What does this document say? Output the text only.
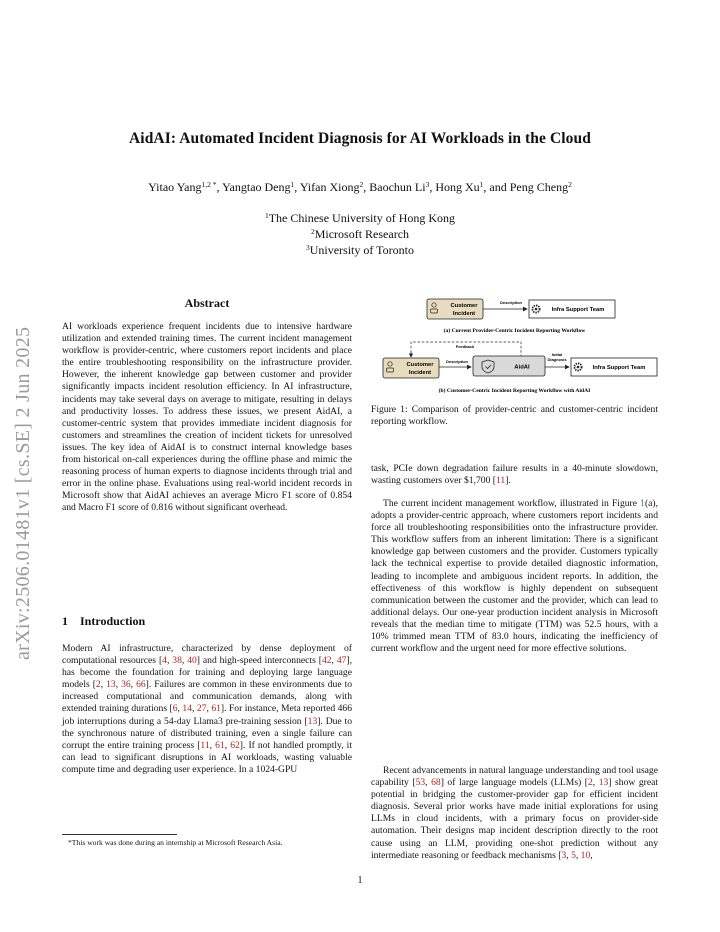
arXiv:2506.01481v1 [cs.SE] 2 Jun 2025
AidAI: Automated Incident Diagnosis for AI Workloads in the Cloud
Yitao Yang$^{1,2 *}$, Yangtao Deng$^1$, Yifan Xiong$^2$, Baochun Li$^3$, Hong Xu$^1$, and Peng Cheng$^2$
$^1$The Chinese University of Hong Kong
$^2$Microsoft Research
$^3$University of Toronto
Abstract
AI workloads experience frequent incidents due to intensive hardware utilization and extended training times. The current incident management workflow is provider-centric, where customers report incidents and place the entire troubleshooting responsibility on the infrastructure provider. However, the inherent knowledge gap between customer and provider significantly impacts incident resolution efficiency. In AI infrastructure, incidents may take several days on average to mitigate, resulting in delays and productivity losses. To address these issues, we present AidAI, a customer-centric system that provides immediate incident diagnosis for customers and streamlines the creation of incident tickets for unresolved issues. The key idea of AidAI is to construct internal knowledge bases from historical on-call experiences during the offline phase and mimic the reasoning process of human experts to diagnose incidents through trial and error in the online phase. Evaluations using real-world incident records in Microsoft show that AidAI achieves an average Micro F1 score of 0.854 and Macro F1 score of 0.816 without significant overhead.
1 Introduction
Modern AI infrastructure, characterized by dense deployment of computational resources [4, 38, 40] and high-speed interconnects [42, 47], has become the foundation for training and deploying large language models [2, 13, 36, 66]. Failures are common in these environments due to increased computational and communication demands, along with extended training durations [6, 14, 27, 61]. For instance, Meta reported 466 job interruptions during a 54-day Llama3 pre-training session [13]. Due to the synchronous nature of distributed training, even a single failure can corrupt the entire training process [11, 61, 62]. If not handled promptly, it can lead to significant disruptions in AI workloads, wasting valuable compute time and degrading user experience. In a 1024-GPU
*This work was done during an internship at Microsoft Research Asia.
1
Customer
Incident
Description
Infra Support Team
(a) Current Provider-Centric Incident Reporting Workflow
Feedback
Customer
Incident
Description
AidAI
Initial
Diagnosis
Infra Support Team
(b) Customer-Centric Incident Reporting Workflow with AidAI
Figure 1: Comparison of provider-centric and customer-centric incident reporting workflow.
task, PCIe down degradation failure results in a 40-minute slowdown, wasting customers over $1,700 [11].
The current incident management workflow, illustrated in Figure 1(a), adopts a provider-centric approach, where customers report incidents and force all troubleshooting responsibilities onto the infrastructure provider. This workflow suffers from an inherent limitation: There is a significant knowledge gap between customers and the provider. Customers typically lack the technical expertise to provide detailed diagnostic information, leading to incomplete and ambiguous incident reports. In addition, the effectiveness of this workflow is highly dependent on subsequent communication between the customer and the provider, which can lead to additional delays. Our one-year production incident analysis in Microsoft reveals that the median time to mitigate (TTM) was 52.5 hours, with a 10% trimmed mean TTM of 83.0 hours, indicating the inefficiency of current workflow and the urgent need for more effective solutions.
Recent advancements in natural language understanding and tool usage capability [53, 68] of large language models (LLMs) [2, 13] show great potential in bridging the customer-provider gap for efficient incident diagnosis. Several prior works have made initial explorations for using LLMs in cloud incidents, with a primary focus on provider-side automation. Their designs map incident description directly to the root cause using an LLM, providing one-shot prediction without any intermediate reasoning or feedback mechanisms [3, 5, 10,
